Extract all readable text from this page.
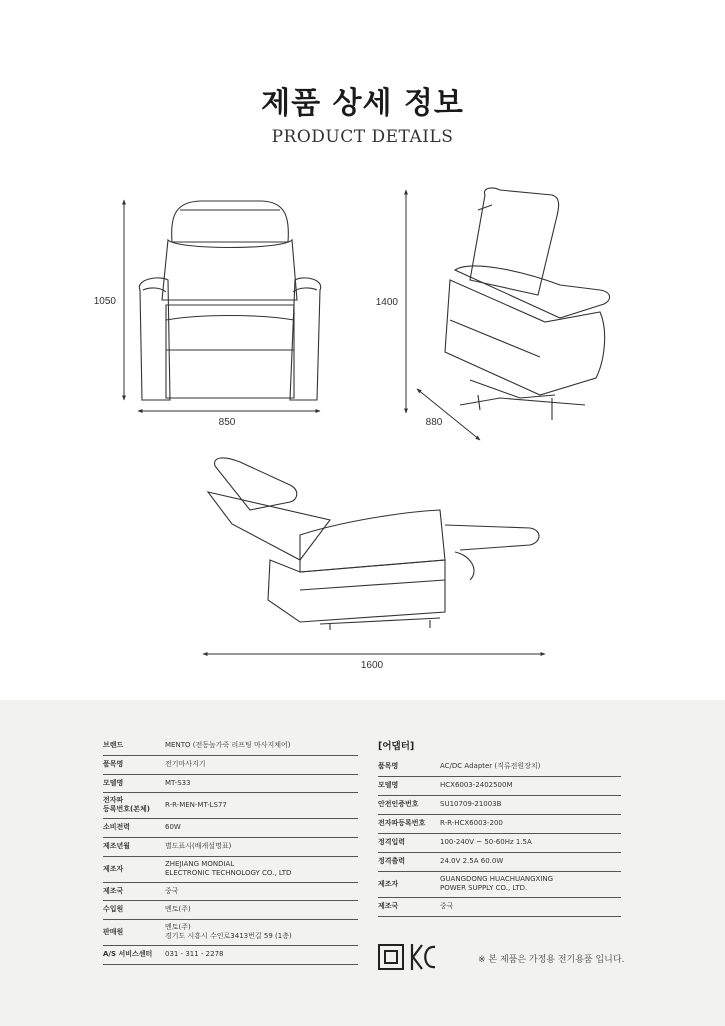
제품 상세 정보
PRODUCT DETAILS
1050
850
1400
880
1600
브랜드	MENTO (전동높가죽 리프팅 마사지체어)
품목명	전기마사지기
모델명	MT-S33
전자파
등록번호(본체)	R-R-MEN-MT-LS77
소비전력	60W
제조년월	별도표시(배게설명표)
제조자	ZHEJIANG MONDIAL
ELECTRONIC TECHNOLOGY CO., LTD
제조국	중국
수입원	멘토(주)
판매원	멘토(주)
경기도 시흥시 수인로3413번길 59 (1층)
A/S 서비스센터	031 - 311 - 2278
[어댑터]
품목명	AC/DC Adapter (직류전원장치)
모델명	HCX6003-2402500M
안전인증번호	SU10709-21003B
전자파등록번호	R-R-HCX6003-200
정격입력	100-240V ~ 50-60Hz 1.5A
정격출력	24.0V 2.5A 60.0W
제조자	GUANGDONG HUACHUANGXING
POWER SUPPLY CO., LTD.
제조국	중국
※ 본 제품은 가정용 전기용품 입니다.
